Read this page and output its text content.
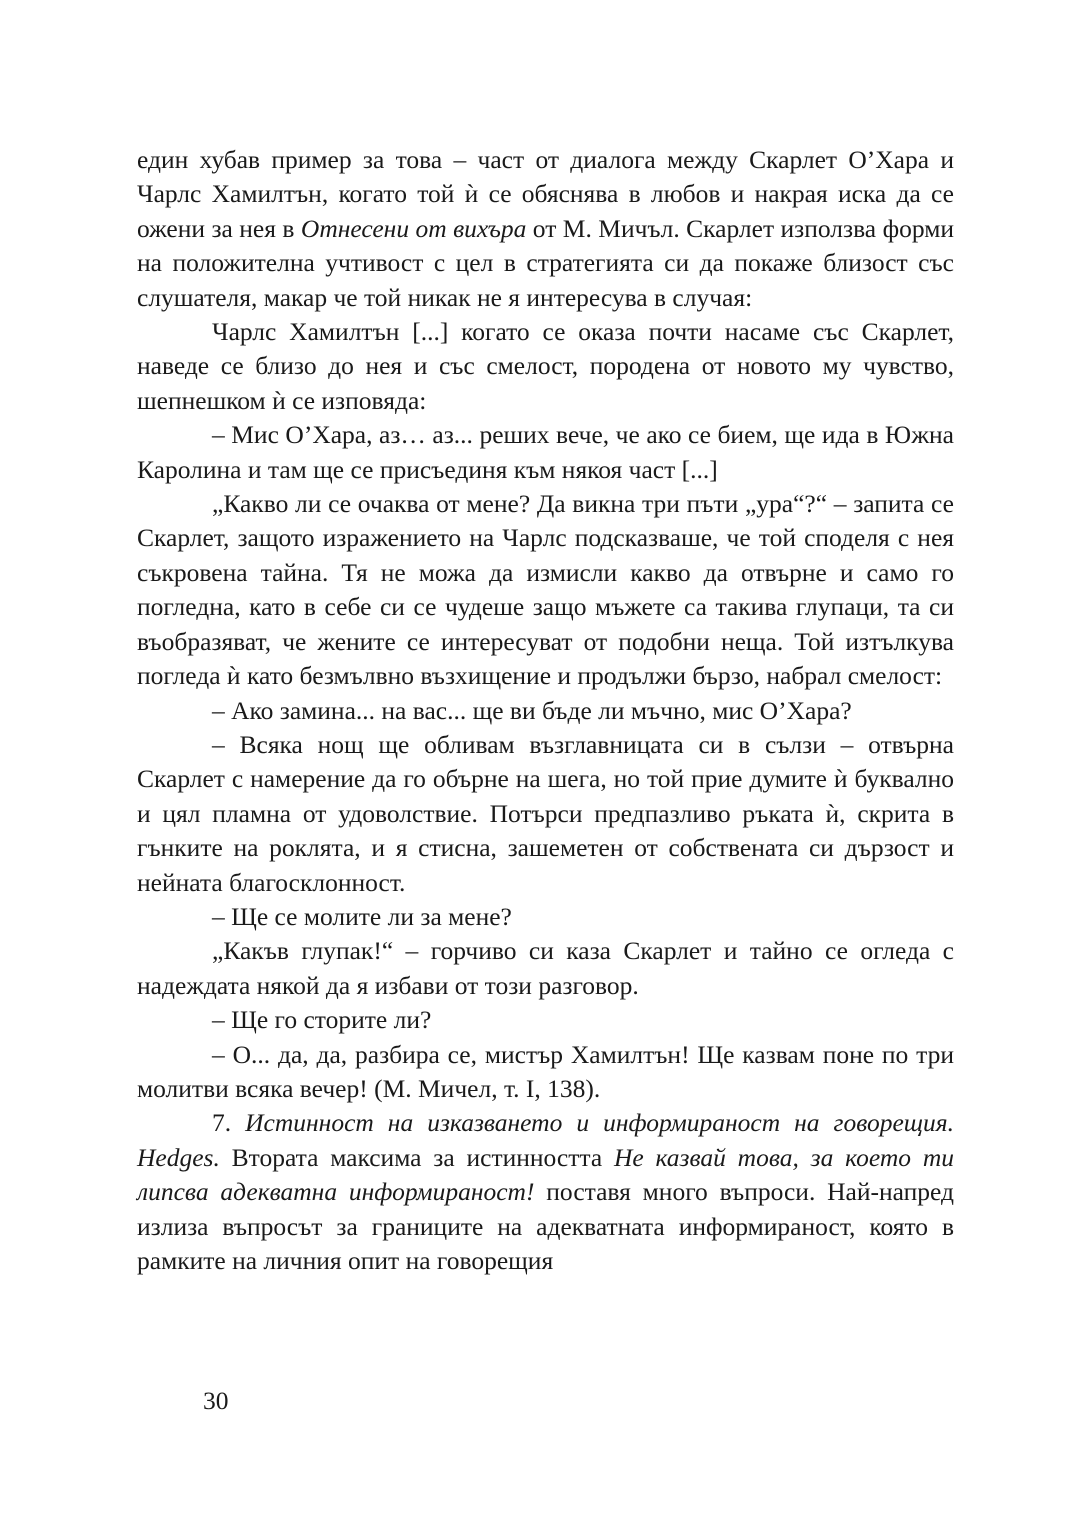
един хубав пример за това – част от диалога между Скарлет О’Хара и Чарлс Хамилтън, когато той ѝ се обяснява в любов и накрая иска да се ожени за нея в Отнесени от вихъра от М. Мичъл. Скарлет използва форми на положителна учтивост с цел в стратегията си да покаже близост със слушателя, макар че той никак не я интересува в случая:

Чарлс Хамилтън [...] когато се оказа почти насаме със Скарлет, наведе се близо до нея и със смелост, породена от новото му чувство, шепнешком ѝ се изповяда:

– Мис О’Хара, аз… аз... реших вече, че ако се бием, ще ида в Южна Каролина и там ще се присъединя към някоя част [...]

„Какво ли се очаква от мене? Да викна три пъти „ура“?“ – запита се Скарлет, защото изражението на Чарлс подсказваше, че той споделя с нея съкровена тайна. Тя не можа да измисли какво да отвърне и само го погледна, като в себе си се чудеше защо мъжете са такива глупаци, та си въобразяват, че жените се интересуват от подобни неща. Той изтълкува погледа ѝ като безмълвно възхищение и продължи бързо, набрал смелост:

– Ако замина... на вас... ще ви бъде ли мъчно, мис О’Хара?

– Всяка нощ ще обливам възглавницата си в сълзи – отвърна Скарлет с намерение да го обърне на шега, но той прие думите ѝ буквално и цял пламна от удоволствие. Потърси предпазливо ръката ѝ, скрита в гънките на роклята, и я стисна, зашеметен от собствената си дързост и нейната благосклонност.

– Ще се молите ли за мене?

„Какъв глупак!“ – горчиво си каза Скарлет и тайно се огледа с надеждата някой да я избави от този разговор.

– Ще го сторите ли?

– О... да, да, разбира се, мистър Хамилтън! Ще казвам поне по три молитви всяка вечер! (М. Мичел, т. I, 138).

7. Истинност на изказването и информираност на говорещия. Hedges. Втората максима за истинността Не казвай това, за което ти липсва адекватна информираност! поставя много въпроси. Най-напред излиза въпросът за границите на адекватната информираност, която в рамките на личния опит на говорещия

30
